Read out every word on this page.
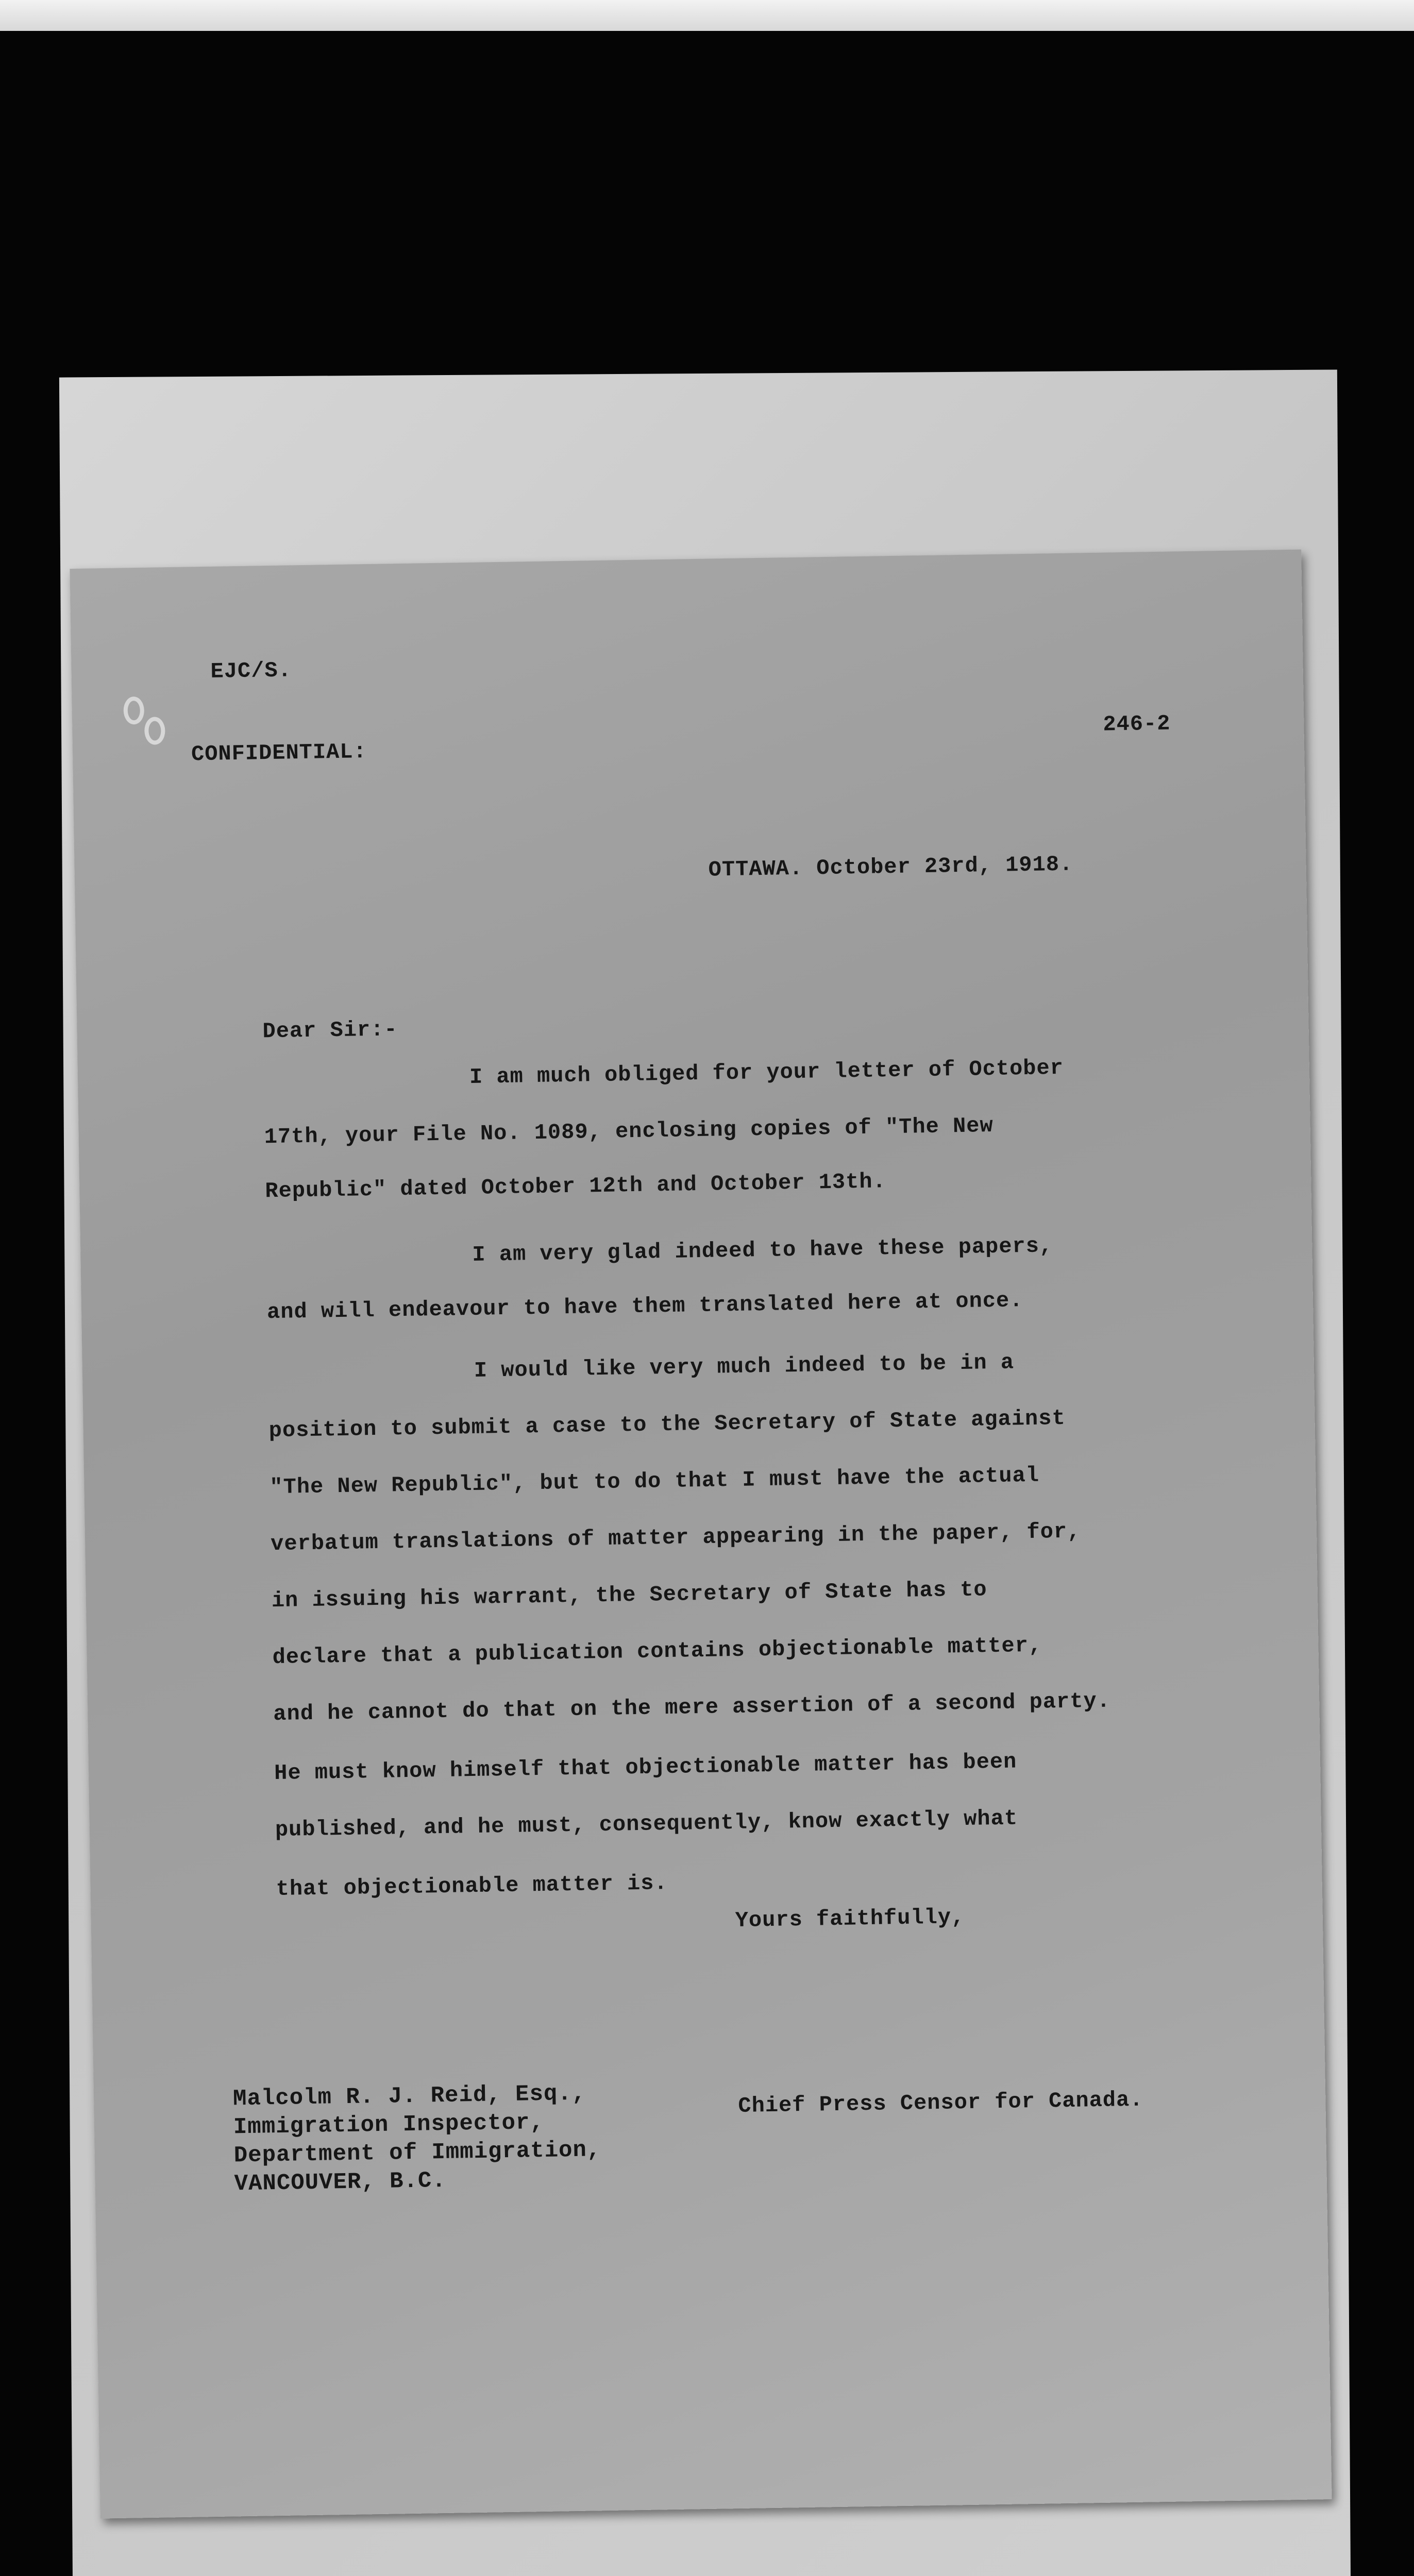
EJC/S.
CONFIDENTIAL:
246-2
OTTAWA. October 23rd, 1918.
Dear Sir:-
I am much obliged for your letter of October
17th, your File No. 1089, enclosing copies of "The New
Republic" dated October 12th and October 13th.
I am very glad indeed to have these papers,
and will endeavour to have them translated here at once.
I would like very much indeed to be in a
position to submit a case to the Secretary of State against
"The New Republic", but to do that I must have the actual
verbatum translations of matter appearing in the paper, for,
in issuing his warrant, the Secretary of State has to
declare that a publication contains objectionable matter,
and he cannot do that on the mere assertion of a second party.
He must know himself that objectionable matter has been
published, and he must, consequently, know exactly what
that objectionable matter is.
Yours faithfully,
Chief Press Censor for Canada.
Malcolm R. J. Reid, Esq.,
Immigration Inspector,
Department of Immigration,
VANCOUVER, B.C.
